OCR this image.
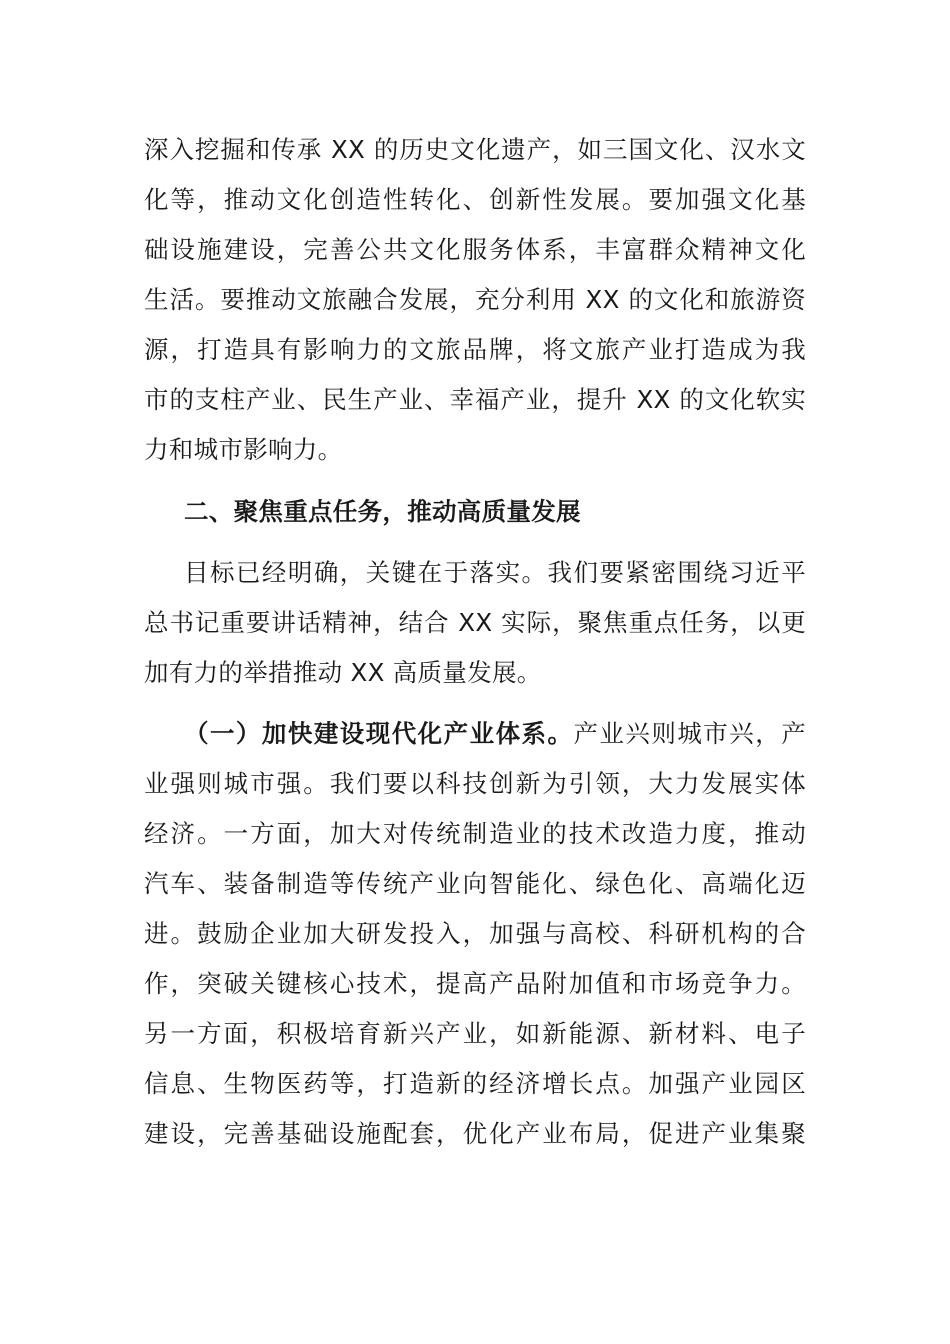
深入挖掘和传承 XX 的历史文化遗产，如三国文化、汉水文
化等，推动文化创造性转化、创新性发展。要加强文化基
础设施建设，完善公共文化服务体系，丰富群众精神文化
生活。要推动文旅融合发展，充分利用 XX 的文化和旅游资
源，打造具有影响力的文旅品牌，将文旅产业打造成为我
市的支柱产业、民生产业、幸福产业，提升 XX 的文化软实
力和城市影响力。
二、聚焦重点任务，推动高质量发展
目标已经明确，关键在于落实。我们要紧密围绕习近平
总书记重要讲话精神，结合 XX 实际，聚焦重点任务，以更
加有力的举措推动 XX 高质量发展。
（一）加快建设现代化产业体系。产业兴则城市兴，产
业强则城市强。我们要以科技创新为引领，大力发展实体
经济。一方面，加大对传统制造业的技术改造力度，推动
汽车、装备制造等传统产业向智能化、绿色化、高端化迈
进。鼓励企业加大研发投入，加强与高校、科研机构的合
作，突破关键核心技术，提高产品附加值和市场竞争力。
另一方面，积极培育新兴产业，如新能源、新材料、电子
信息、生物医药等，打造新的经济增长点。加强产业园区
建设，完善基础设施配套，优化产业布局，促进产业集聚
